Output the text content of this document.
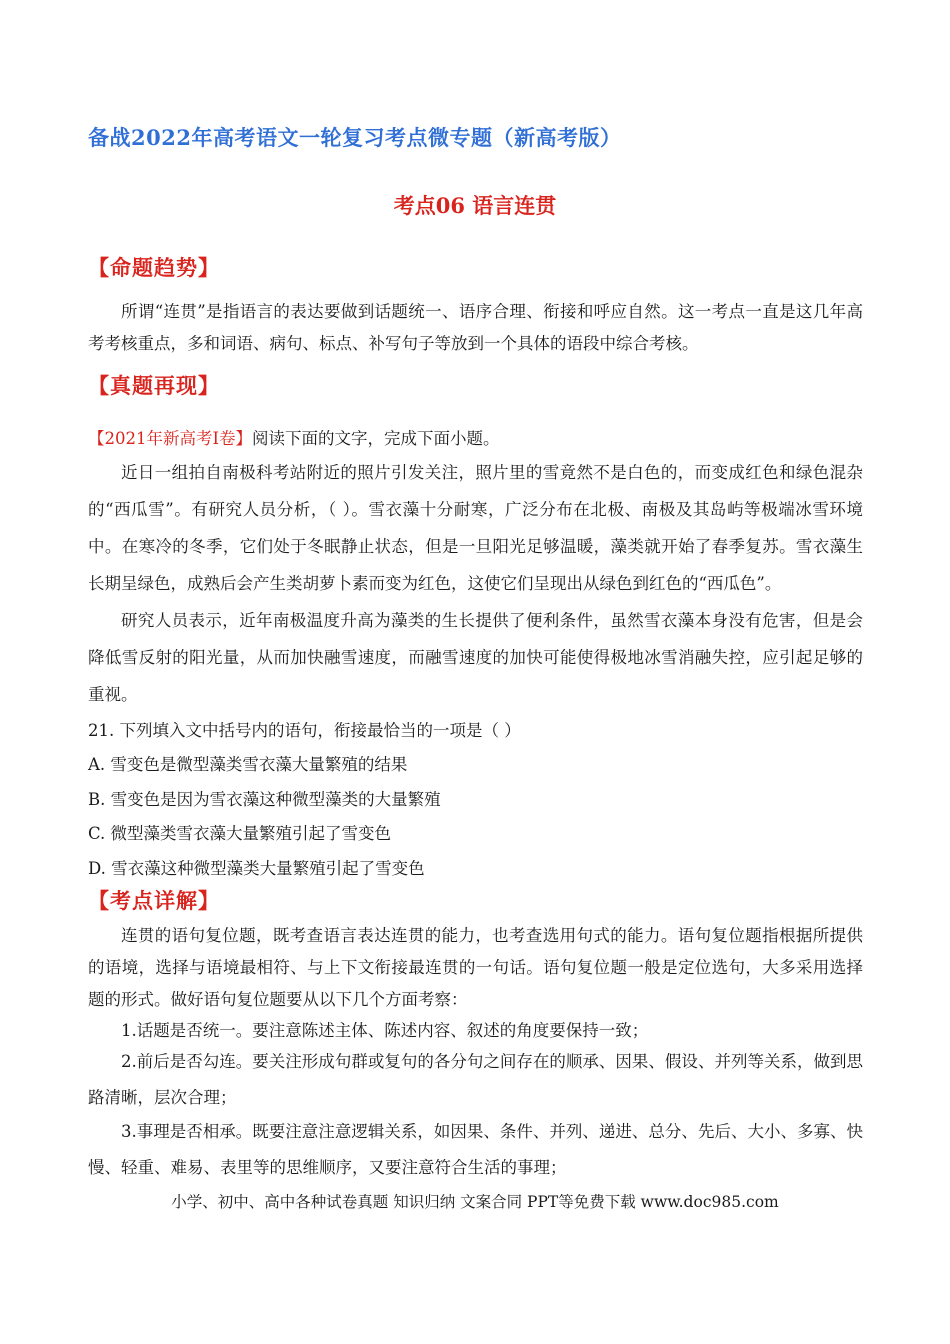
备战2022年高考语文一轮复习考点微专题（新高考版）
考点06 语言连贯
【命题趋势】
所谓“连贯”是指语言的表达要做到话题统一、语序合理、衔接和呼应自然。这一考点一直是这几年高考考核重点，多和词语、病句、标点、补写句子等放到一个具体的语段中综合考核。
【真题再现】
【2021年新高考Ⅰ卷】阅读下面的文字，完成下面小题。
近日一组拍自南极科考站附近的照片引发关注，照片里的雪竟然不是白色的，而变成红色和绿色混杂的“西瓜雪”。有研究人员分析，（ ）。雪衣藻十分耐寒，广泛分布在北极、南极及其岛屿等极端冰雪环境中。在寒冷的冬季，它们处于冬眠静止状态，但是一旦阳光足够温暖，藻类就开始了春季复苏。雪衣藻生长期呈绿色，成熟后会产生类胡萝卜素而变为红色，这使它们呈现出从绿色到红色的“西瓜色”。
研究人员表示，近年南极温度升高为藻类的生长提供了便利条件，虽然雪衣藻本身没有危害，但是会降低雪反射的阳光量，从而加快融雪速度，而融雪速度的加快可能使得极地冰雪消融失控，应引起足够的重视。
21. 下列填入文中括号内的语句，衔接最恰当的一项是（ ）
A. 雪变色是微型藻类雪衣藻大量繁殖的结果
B. 雪变色是因为雪衣藻这种微型藻类的大量繁殖
C. 微型藻类雪衣藻大量繁殖引起了雪变色
D. 雪衣藻这种微型藻类大量繁殖引起了雪变色
【考点详解】
连贯的语句复位题，既考查语言表达连贯的能力，也考查选用句式的能力。语句复位题指根据所提供的语境，选择与语境最相符、与上下文衔接最连贯的一句话。语句复位题一般是定位选句，大多采用选择题的形式。做好语句复位题要从以下几个方面考察：
1.话题是否统一。要注意陈述主体、陈述内容、叙述的角度要保持一致；
2.前后是否勾连。要关注形成句群或复句的各分句之间存在的顺承、因果、假设、并列等关系，做到思路清晰，层次合理；
3.事理是否相承。既要注意注意逻辑关系，如因果、条件、并列、递进、总分、先后、大小、多寡、快慢、轻重、难易、表里等的思维顺序，又要注意符合生活的事理；
小学、初中、高中各种试卷真题 知识归纳 文案合同 PPT等免费下载 www.doc985.com
